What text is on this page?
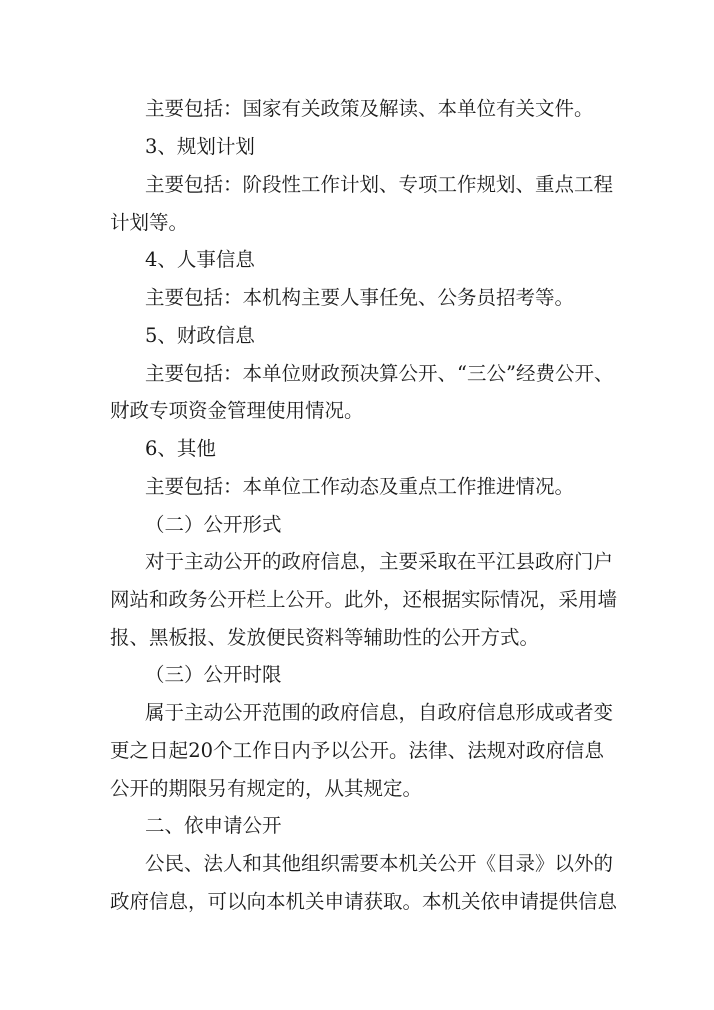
主要包括：国家有关政策及解读、本单位有关文件。

3、规划计划

主要包括：阶段性工作计划、专项工作规划、重点工程

计划等。

4、人事信息

主要包括：本机构主要人事任免、公务员招考等。

5、财政信息

主要包括：本单位财政预决算公开、“三公”经费公开、

财政专项资金管理使用情况。

6、其他

主要包括：本单位工作动态及重点工作推进情况。

（二）公开形式

对于主动公开的政府信息，主要采取在平江县政府门户

网站和政务公开栏上公开。此外，还根据实际情况，采用墙

报、黑板报、发放便民资料等辅助性的公开方式。

（三）公开时限

属于主动公开范围的政府信息，自政府信息形成或者变

更之日起20个工作日内予以公开。法律、法规对政府信息

公开的期限另有规定的，从其规定。

二、依申请公开

公民、法人和其他组织需要本机关公开《目录》以外的

政府信息，可以向本机关申请获取。本机关依申请提供信息
